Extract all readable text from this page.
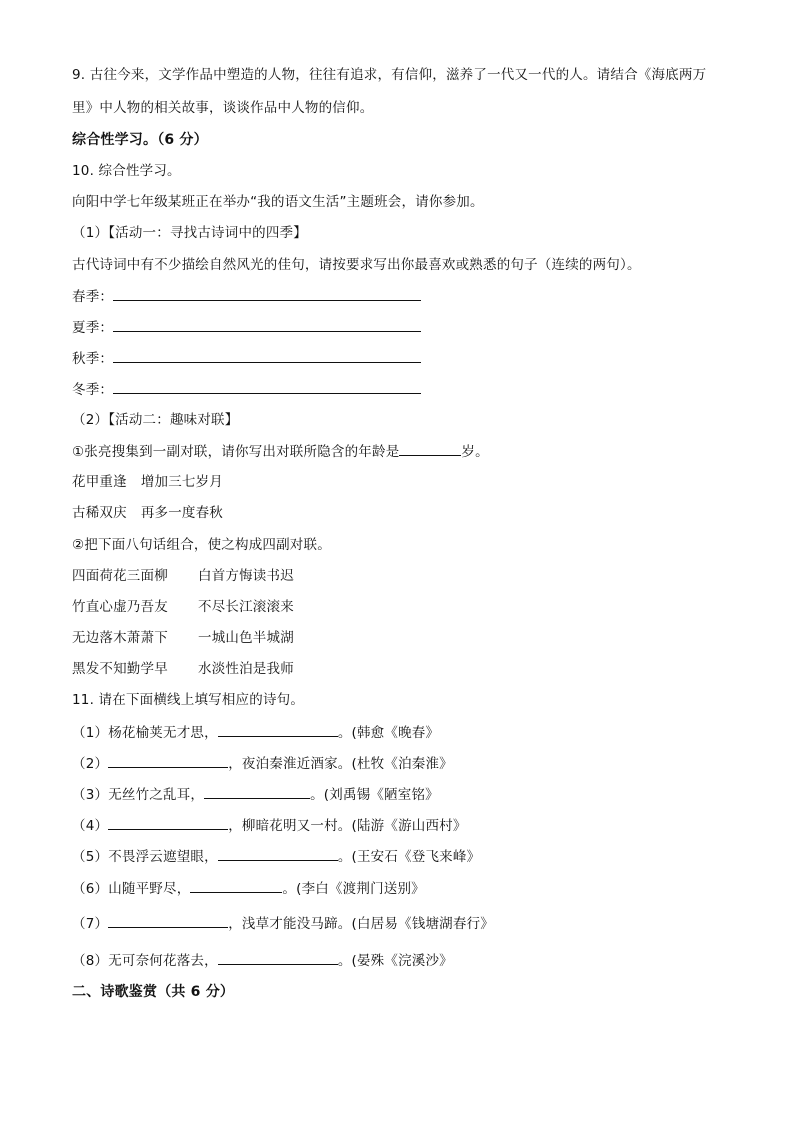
9. 古往今来，文学作品中塑造的人物，往往有追求，有信仰，滋养了一代又一代的人。请结合《海底两万
里》中人物的相关故事，谈谈作品中人物的信仰。
综合性学习。（6 分）
10. 综合性学习。
向阳中学七年级某班正在举办“我的语文生活”主题班会，请你参加。
（1）【活动一：寻找古诗词中的四季】
古代诗词中有不少描绘自然风光的佳句，请按要求写出你最喜欢或熟悉的句子（连续的两句）。
春季：
夏季：
秋季：
冬季：
（2）【活动二：趣味对联】
①张亮搜集到一副对联，请你写出对联所隐含的年龄是	岁。
花甲重逢 增加三七岁月
古稀双庆 再多一度春秋
②把下面八句话组合，使之构成四副对联。
四面荷花三面柳 白首方悔读书迟
竹直心虚乃吾友 不尽长江滚滚来
无边落木萧萧下 一城山色半城湖
黑发不知勤学早 水淡性泊是我师
11. 请在下面横线上填写相应的诗句。
（1）杨花榆荚无才思，	。(韩愈《晚春》
（2）	，夜泊秦淮近酒家。(杜牧《泊秦淮》
（3）无丝竹之乱耳，	。(刘禹锡《陋室铭》
（4）	，柳暗花明又一村。(陆游《游山西村》
（5）不畏浮云遮望眼，	。(王安石《登飞来峰》
（6）山随平野尽，	。(李白《渡荆门送别》
（7）	，浅草才能没马蹄。(白居易《钱塘湖春行》
（8）无可奈何花落去，	。(晏殊《浣溪沙》
二、诗歌鉴赏（共 6 分）
